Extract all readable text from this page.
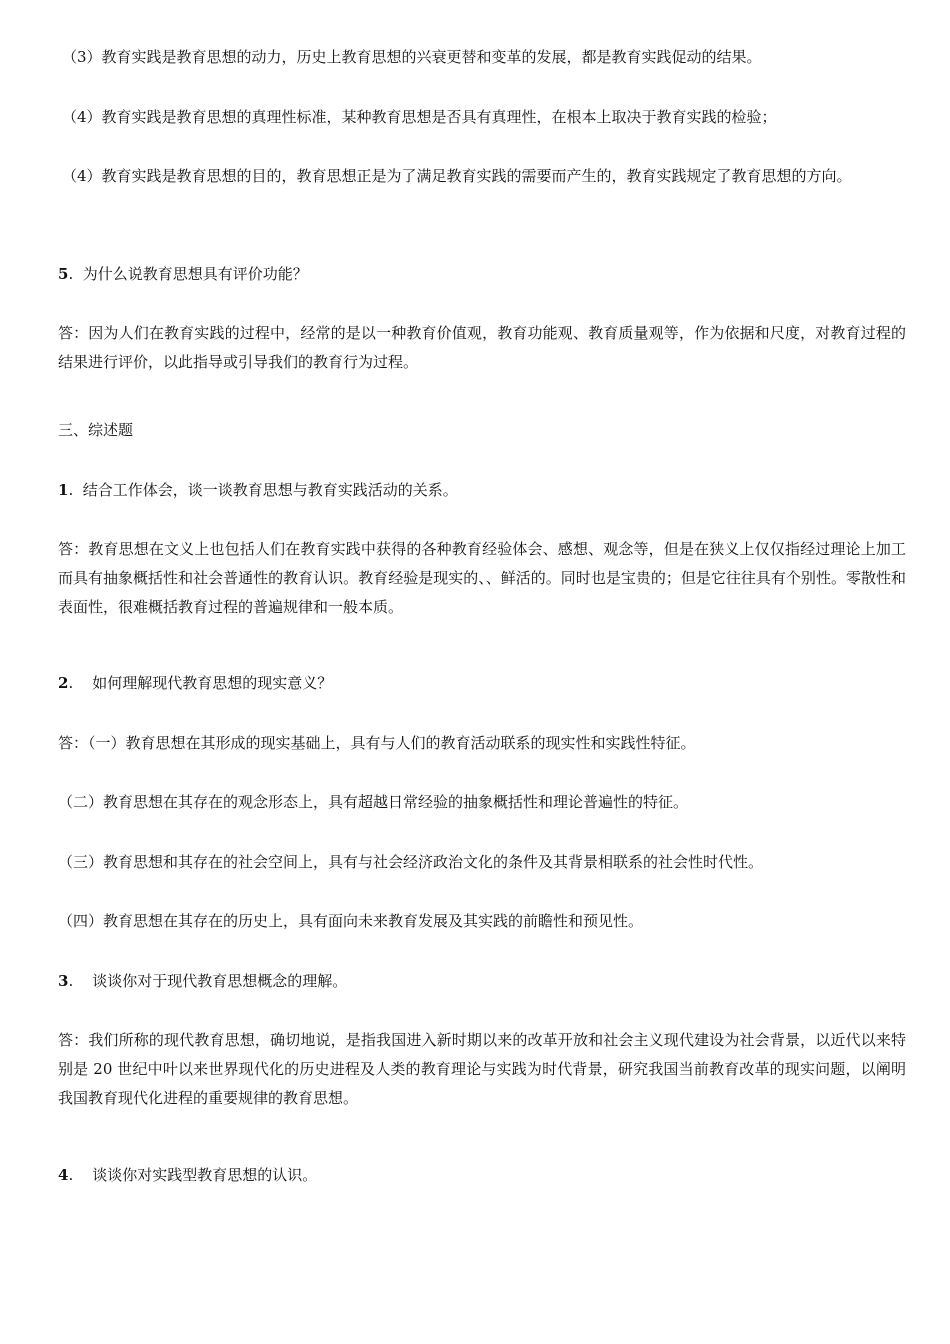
（3）教育实践是教育思想的动力，历史上教育思想的兴衰更替和变革的发展，都是教育实践促动的结果。

（4）教育实践是教育思想的真理性标准，某种教育思想是否具有真理性，在根本上取决于教育实践的检验；

（4）教育实践是教育思想的目的，教育思想正是为了满足教育实践的需要而产生的，教育实践规定了教育思想的方向。

5.  为什么说教育思想具有评价功能？

答：因为人们在教育实践的过程中，经常的是以一种教育价值观，教育功能观、教育质量观等，作为依据和尺度，对教育过程的结果进行评价，以此指导或引导我们的教育行为过程。

三、综述题

1.  结合工作体会，谈一谈教育思想与教育实践活动的关系。

答：教育思想在文义上也包括人们在教育实践中获得的各种教育经验体会、感想、观念等，但是在狭义上仅仅指经过理论上加工而具有抽象概括性和社会普通性的教育认识。教育经验是现实的、、鲜活的。同时也是宝贵的；但是它往往具有个别性。零散性和表面性，很难概括教育过程的普遍规律和一般本质。

2.    如何理解现代教育思想的现实意义？

答：（一）教育思想在其形成的现实基础上，具有与人们的教育活动联系的现实性和实践性特征。

（二）教育思想在其存在的观念形态上，具有超越日常经验的抽象概括性和理论普遍性的特征。

（三）教育思想和其存在的社会空间上，具有与社会经济政治文化的条件及其背景相联系的社会性时代性。

（四）教育思想在其存在的历史上，具有面向未来教育发展及其实践的前瞻性和预见性。

3.    谈谈你对于现代教育思想概念的理解。

答：我们所称的现代教育思想，确切地说，是指我国进入新时期以来的改革开放和社会主义现代建设为社会背景，以近代以来特别是 20 世纪中叶以来世界现代化的历史进程及人类的教育理论与实践为时代背景，研究我国当前教育改革的现实问题，以阐明我国教育现代化进程的重要规律的教育思想。

4.    谈谈你对实践型教育思想的认识。
